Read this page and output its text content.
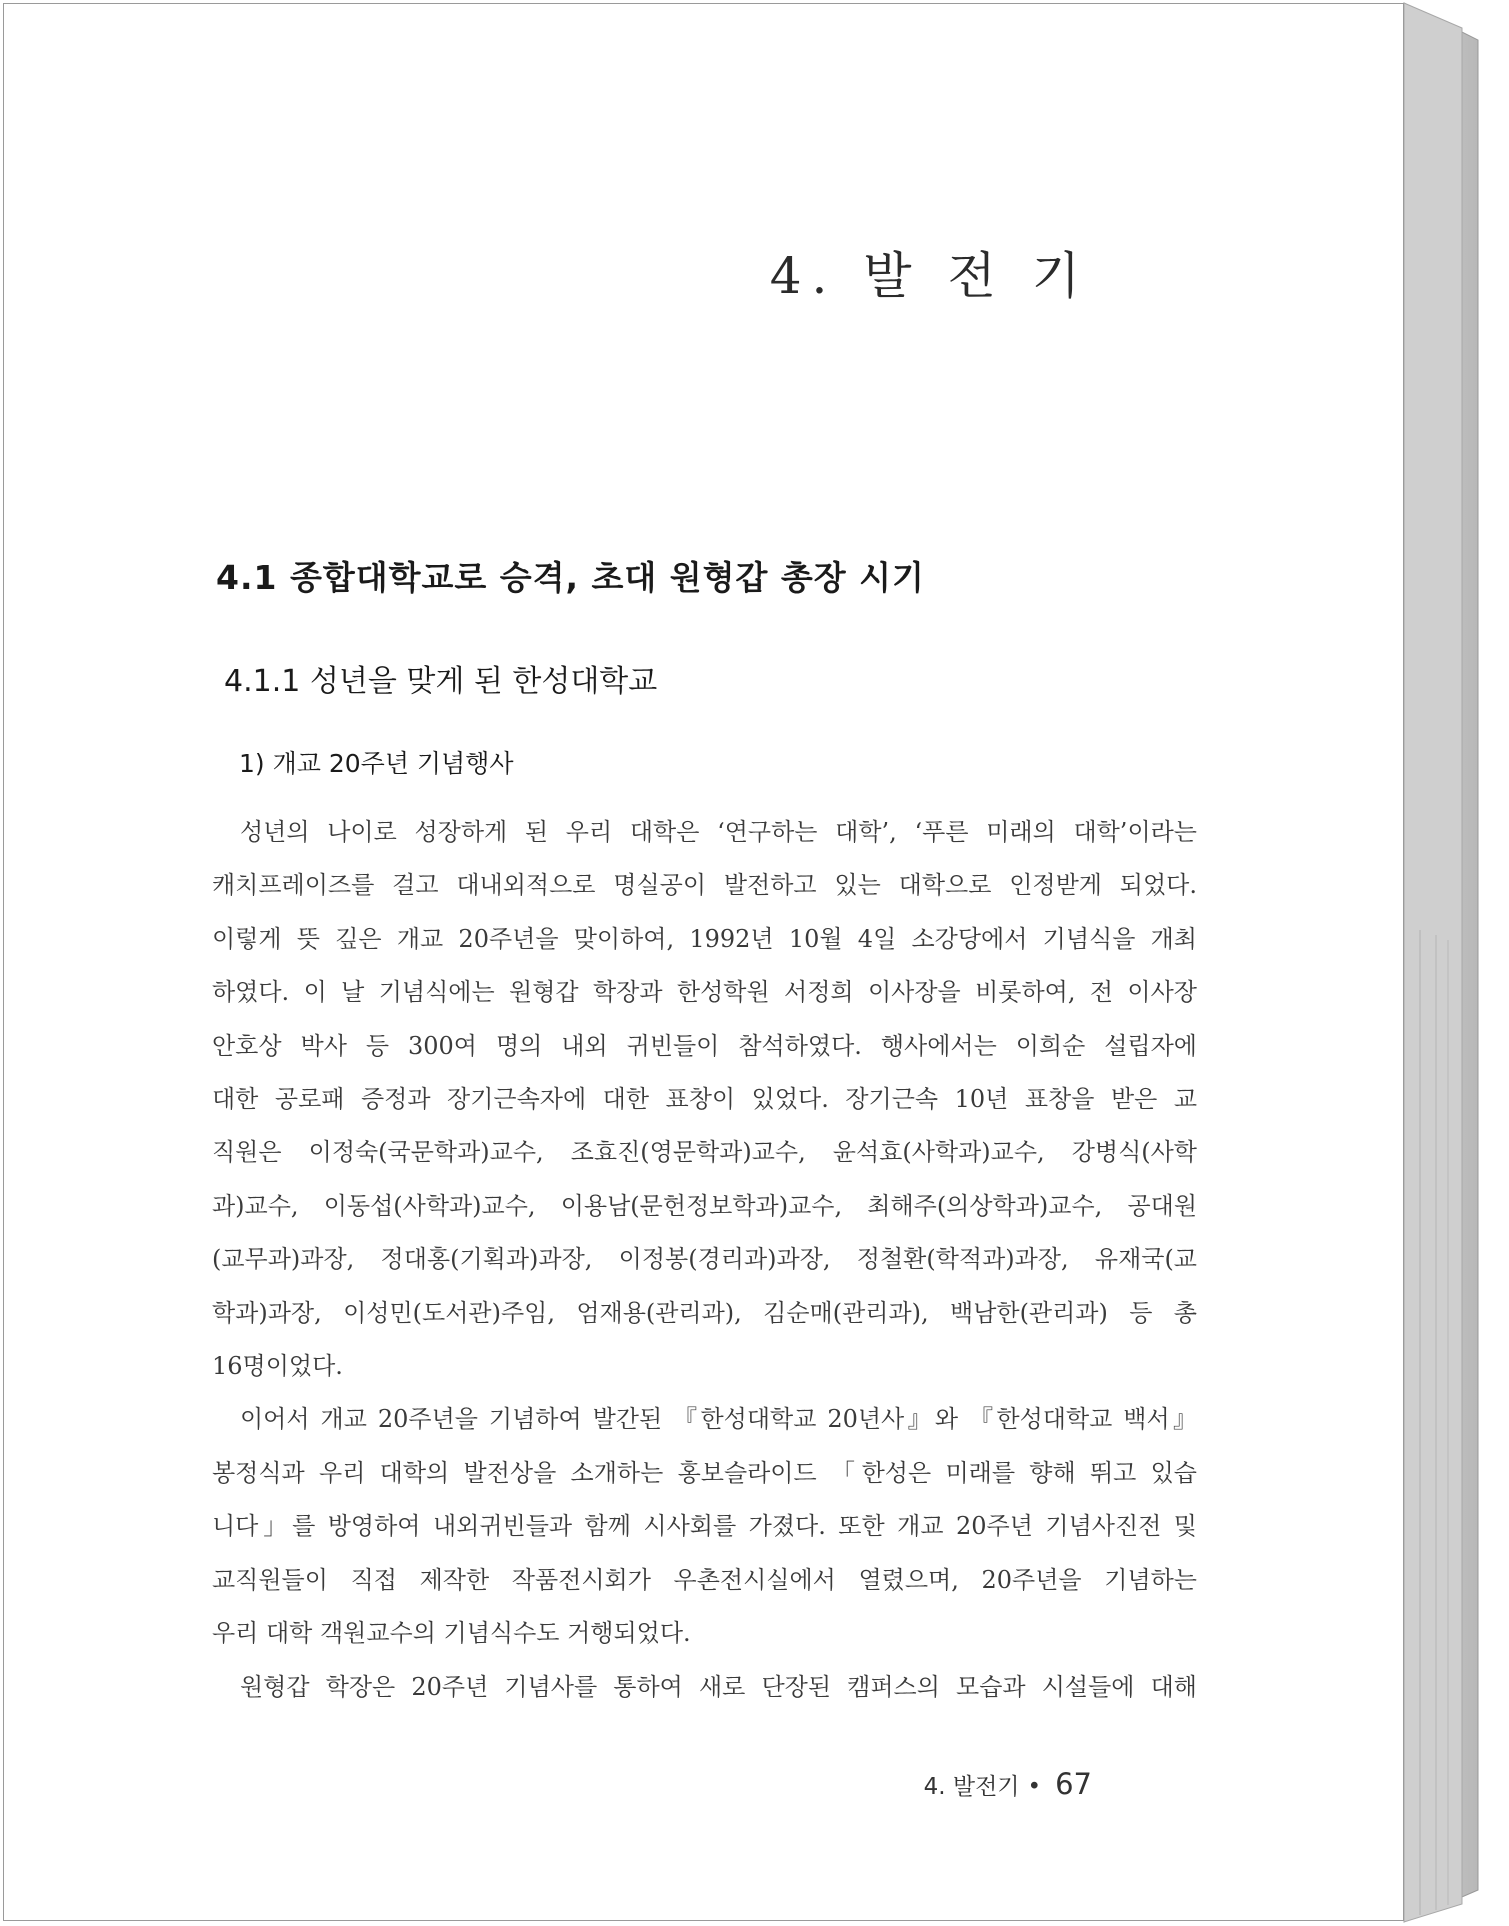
4. 발 전 기
4.1 종합대학교로 승격, 초대 원형갑 총장 시기
4.1.1 성년을 맞게 된 한성대학교
1) 개교 20주년 기념행사
성년의 나이로 성장하게 된 우리 대학은 ‘연구하는 대학’, ‘푸른 미래의 대학’이라는
캐치프레이즈를 걸고 대내외적으로 명실공이 발전하고 있는 대학으로 인정받게 되었다.
이렇게 뜻 깊은 개교 20주년을 맞이하여, 1992년 10월 4일 소강당에서 기념식을 개최
하였다. 이 날 기념식에는 원형갑 학장과 한성학원 서정희 이사장을 비롯하여, 전 이사장
안호상 박사 등 300여 명의 내외 귀빈들이 참석하였다. 행사에서는 이희순 설립자에
대한 공로패 증정과 장기근속자에 대한 표창이 있었다. 장기근속 10년 표창을 받은 교
직원은 이정숙(국문학과)교수, 조효진(영문학과)교수, 윤석효(사학과)교수, 강병식(사학
과)교수, 이동섭(사학과)교수, 이용남(문헌정보학과)교수, 최해주(의상학과)교수, 공대원
(교무과)과장, 정대홍(기획과)과장, 이정봉(경리과)과장, 정철환(학적과)과장, 유재국(교
학과)과장, 이성민(도서관)주임, 엄재용(관리과), 김순매(관리과), 백남한(관리과) 등 총
16명이었다.
이어서 개교 20주년을 기념하여 발간된 『한성대학교 20년사』와 『한성대학교 백서』
봉정식과 우리 대학의 발전상을 소개하는 홍보슬라이드 「한성은 미래를 향해 뛰고 있습
니다」를 방영하여 내외귀빈들과 함께 시사회를 가졌다. 또한 개교 20주년 기념사진전 및
교직원들이 직접 제작한 작품전시회가 우촌전시실에서 열렸으며, 20주년을 기념하는
우리 대학 객원교수의 기념식수도 거행되었다.
원형갑 학장은 20주년 기념사를 통하여 새로 단장된 캠퍼스의 모습과 시설들에 대해
4. 발전기 • 67
